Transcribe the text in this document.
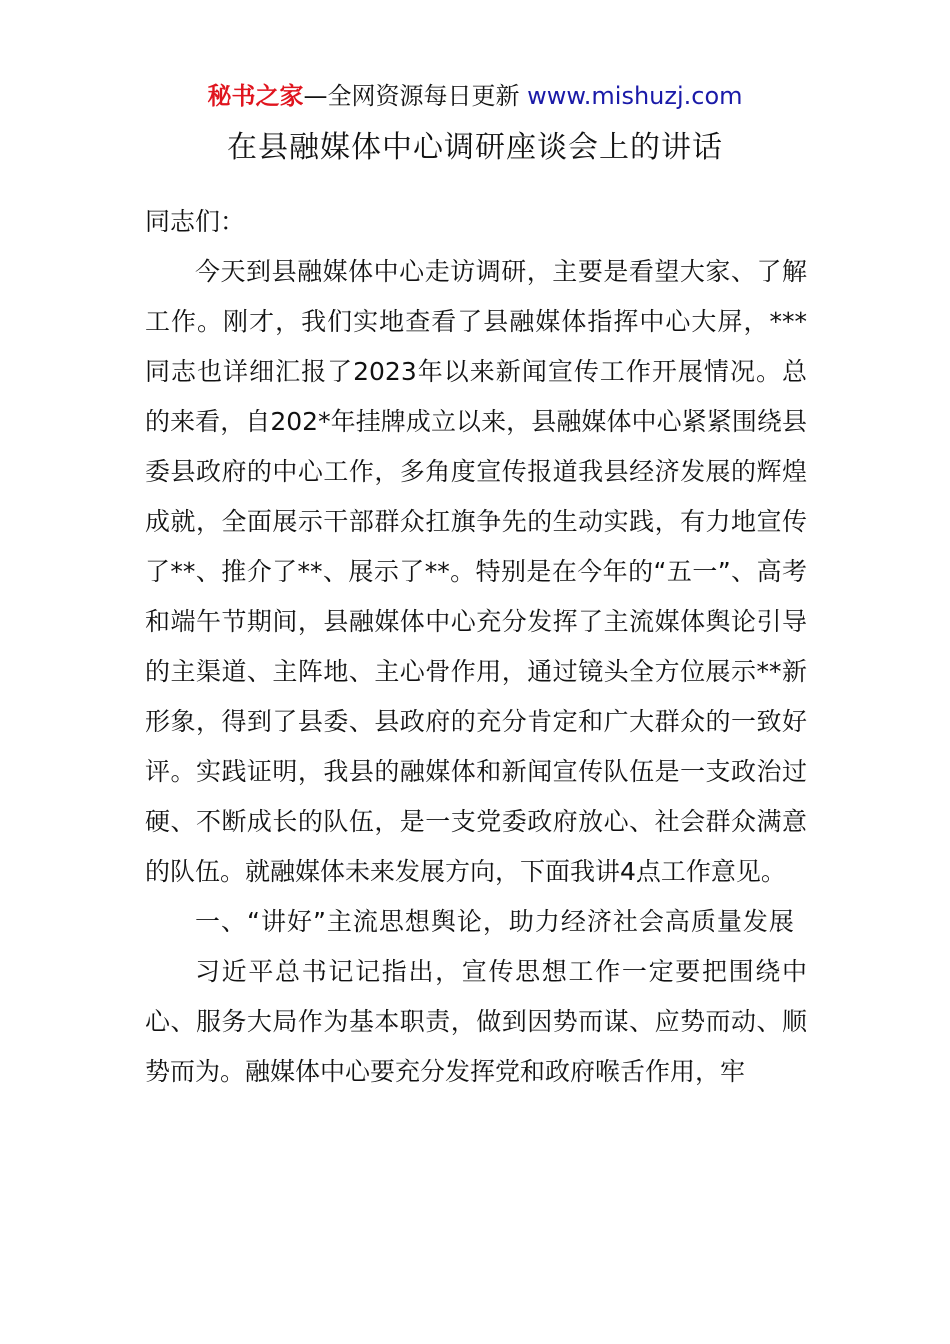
秘书之家—全网资源每日更新 www.mishuzj.com
在县融媒体中心调研座谈会上的讲话

同志们：

今天到县融媒体中心走访调研，主要是看望大家、了解工作。刚才，我们实地查看了县融媒体指挥中心大屏，***同志也详细汇报了2023年以来新闻宣传工作开展情况。总的来看，自202*年挂牌成立以来，县融媒体中心紧紧围绕县委县政府的中心工作，多角度宣传报道我县经济发展的辉煌成就，全面展示干部群众扛旗争先的生动实践，有力地宣传了**、推介了**、展示了**。特别是在今年的“五一”、高考和端午节期间，县融媒体中心充分发挥了主流媒体舆论引导的主渠道、主阵地、主心骨作用，通过镜头全方位展示**新形象，得到了县委、县政府的充分肯定和广大群众的一致好评。实践证明，我县的融媒体和新闻宣传队伍是一支政治过硬、不断成长的队伍，是一支党委政府放心、社会群众满意的队伍。就融媒体未来发展方向，下面我讲4点工作意见。

一、“讲好”主流思想舆论，助力经济社会高质量发展

习近平总书记记指出，宣传思想工作一定要把围绕中心、服务大局作为基本职责，做到因势而谋、应势而动、顺势而为。融媒体中心要充分发挥党和政府喉舌作用，牢
